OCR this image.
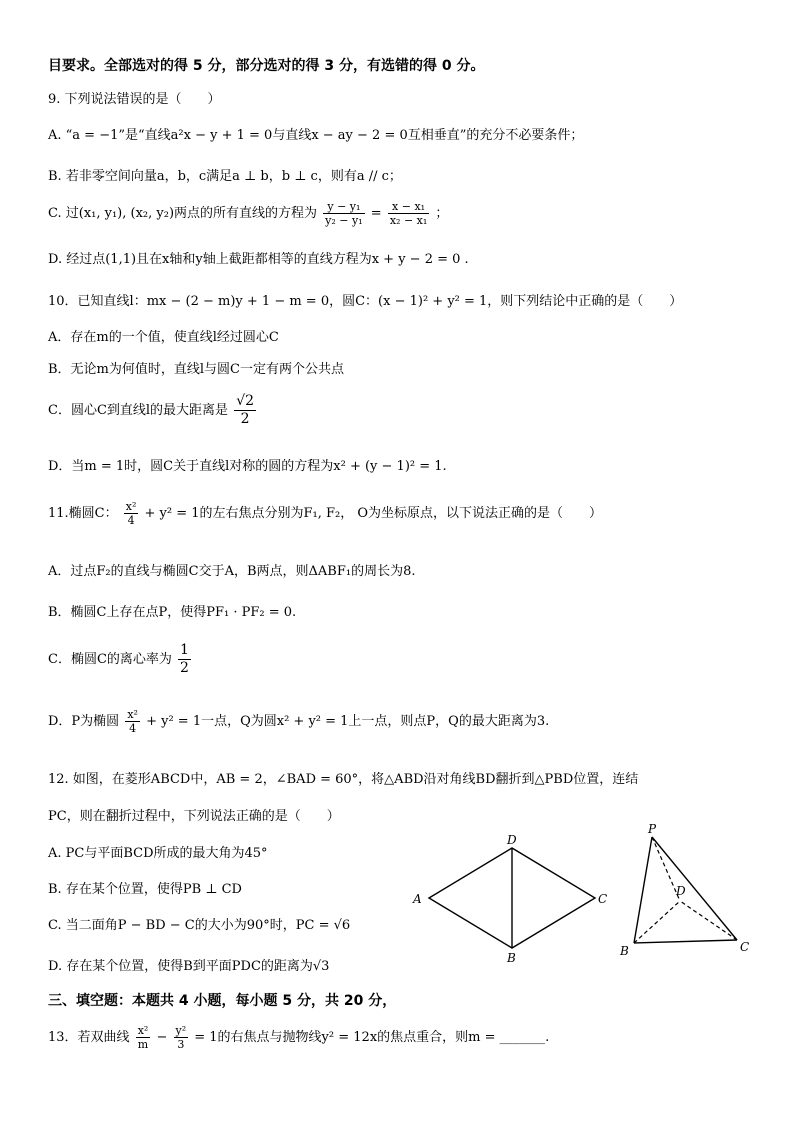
目要求。全部选对的得 5 分，部分选对的得 3 分，有选错的得 0 分。
9. 下列说法错误的是（　　）
A. “a = −1”是“直线a²x − y + 1 = 0与直线x − ay − 2 = 0互相垂直”的充分不必要条件；
B. 若非零空间向量a，b，c满足a ⊥ b，b ⊥ c，则有a // c；
C. 过(x₁, y₁), (x₂, y₂)两点的所有直线的方程为 $\frac{\text{y − y₁}}{\text{y₂ − y₁}} = \frac{\text{x − x₁}}{\text{x₂ − x₁}}$ ；
D. 经过点(1,1)且在x轴和y轴上截距都相等的直线方程为x + y − 2 = 0 .
10．已知直线l：mx − (2 − m)y + 1 − m = 0，圆C：(x − 1)² + y² = 1，则下列结论中正确的是（　　）
A．存在m的一个值，使直线l经过圆心C
B．无论m为何值时，直线l与圆C一定有两个公共点
C．圆心C到直线l的最大距离是 $\frac{√2}{2}$
D．当m = 1时，圆C关于直线l对称的圆的方程为x² + (y − 1)² = 1.
11.椭圆C： $\frac{\text{x²}}{4} + y^2 = 1$的左右焦点分别为F₁, F₂， O为坐标原点，以下说法正确的是（　　）
A．过点F₂的直线与椭圆C交于A，B两点，则ΔABF₁的周长为8.
B．椭圆C上存在点P，使得PF₁ · PF₂ = 0.
C．椭圆C的离心率为 $\frac{1}{2}$
D．P为椭圆 $\frac{\text{x²}}{4} + y^2 = 1$一点，Q为圆x² + y² = 1上一点，则点P，Q的最大距离为3.
12. 如图，在菱形ABCD中，AB = 2，∠BAD = 60°，将△ABD沿对角线BD翻折到△PBD位置，连结
PC，则在翻折过程中，下列说法正确的是（　　）
A. PC与平面BCD所成的最大角为45°
B. 存在某个位置，使得PB ⊥ CD
C. 当二面角P − BD − C的大小为90°时，PC = √6
D. 存在某个位置，使得B到平面PDC的距离为√3
A
D
C
B
P
D
B	C
三、填空题：本题共 4 小题，每小题 5 分，共 20 分，
13．若双曲线 $\frac{\text{x²}}{m} - \frac{\text{y²}}{3} = 1$的右焦点与抛物线y² = 12x的焦点重合，则m = _______.
